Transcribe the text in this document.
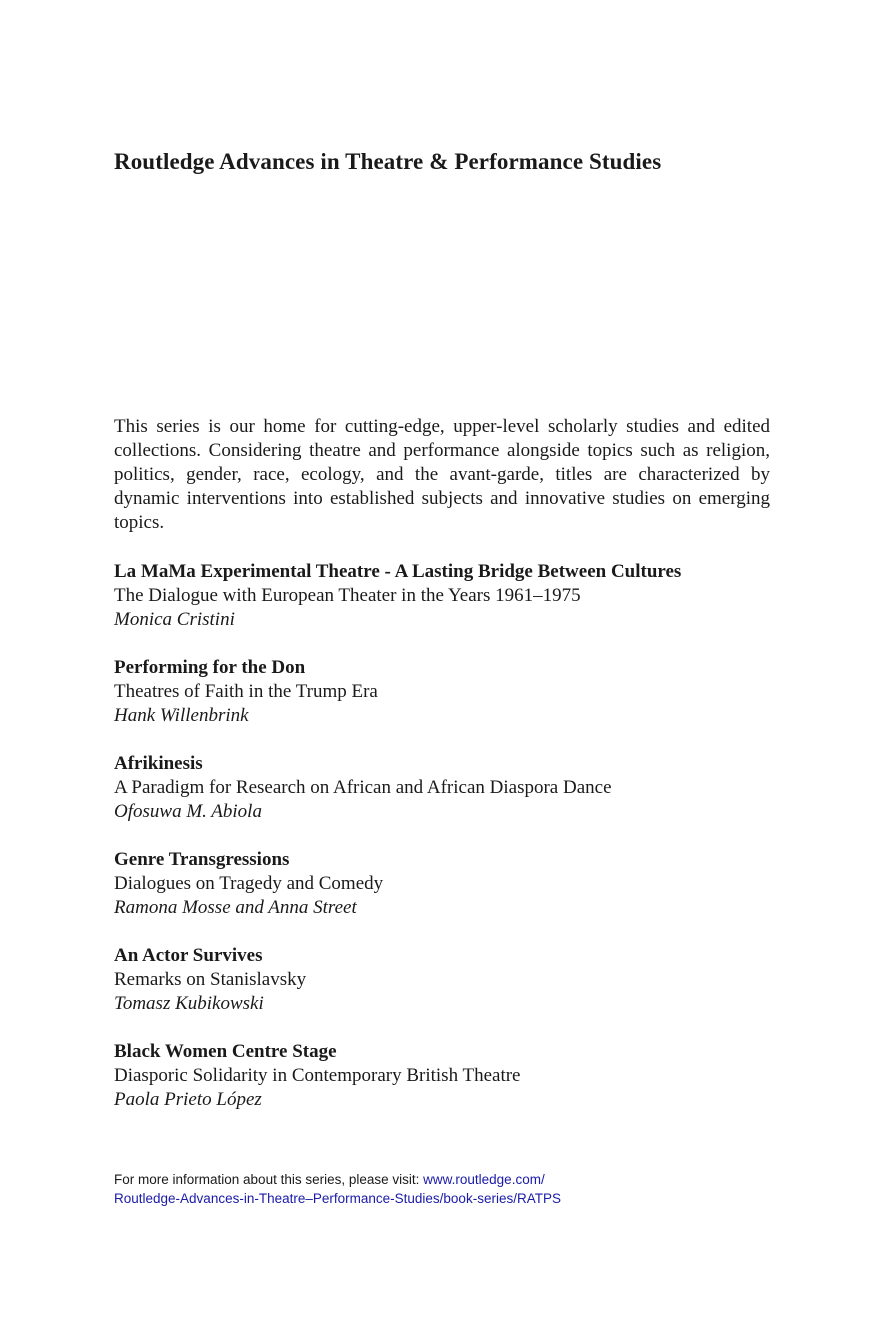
Routledge Advances in Theatre & Performance Studies

This series is our home for cutting-edge, upper-level scholarly studies and edited collections. Considering theatre and performance alongside topics such as religion, politics, gender, race, ecology, and the avant-garde, titles are characterized by dynamic interventions into established subjects and innovative studies on emerging topics.

La MaMa Experimental Theatre - A Lasting Bridge Between Cultures
The Dialogue with European Theater in the Years 1961–1975
Monica Cristini
Performing for the Don
Theatres of Faith in the Trump Era
Hank Willenbrink
Afrikinesis
A Paradigm for Research on African and African Diaspora Dance
Ofosuwa M. Abiola
Genre Transgressions
Dialogues on Tragedy and Comedy
Ramona Mosse and Anna Street
An Actor Survives
Remarks on Stanislavsky
Tomasz Kubikowski
Black Women Centre Stage
Diasporic Solidarity in Contemporary British Theatre
Paola Prieto López

For more information about this series, please visit: www.routledge.com/
Routledge-Advances-in-Theatre–Performance-Studies/book-series/RATPS
